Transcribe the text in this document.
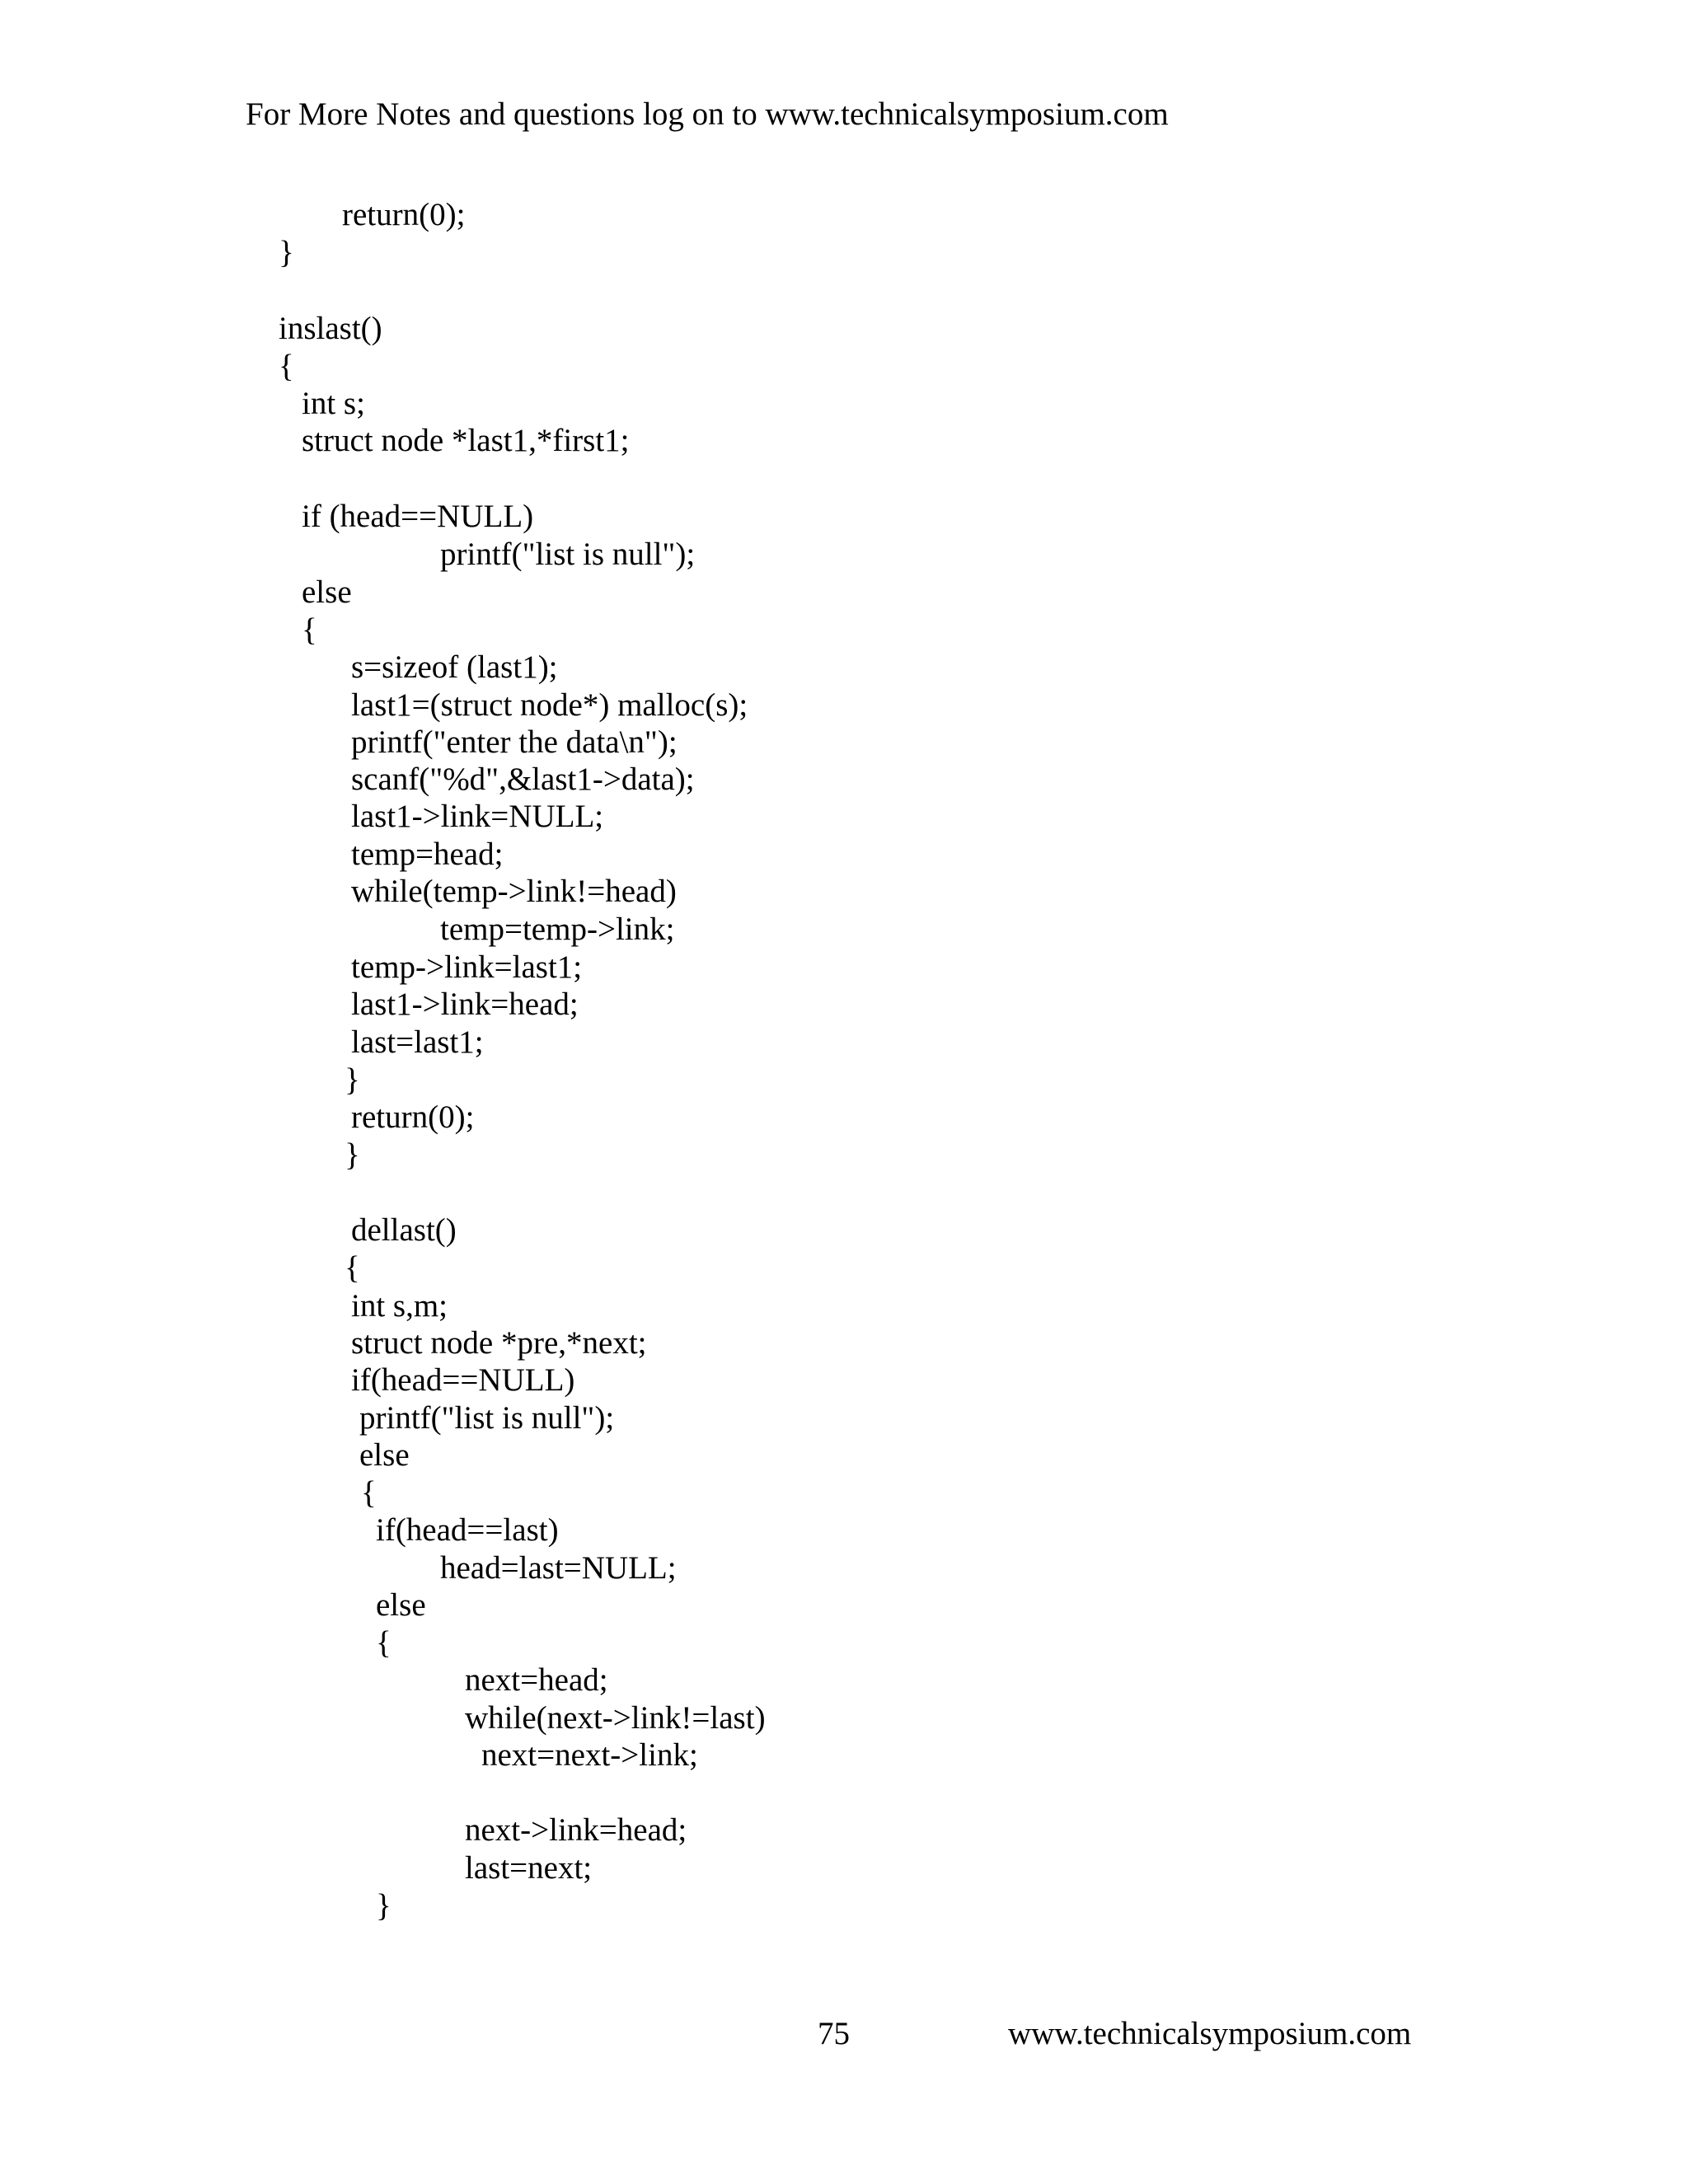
For More Notes and questions log on to www.technicalsymposium.com
return(0);
}
inslast()
{
int s;
struct node *last1,*first1;
if (head==NULL)
printf("list is null");
else
{
s=sizeof (last1);
last1=(struct node*) malloc(s);
printf("enter the data\n");
scanf("%d",&last1->data);
last1->link=NULL;
temp=head;
while(temp->link!=head)
temp=temp->link;
temp->link=last1;
last1->link=head;
last=last1;
}
return(0);
}
dellast()
{
int s,m;
struct node *pre,*next;
if(head==NULL)
printf("list is null");
else
{
if(head==last)
head=last=NULL;
else
{
next=head;
while(next->link!=last)
next=next->link;
next->link=head;
last=next;
}
75	www.technicalsymposium.com
